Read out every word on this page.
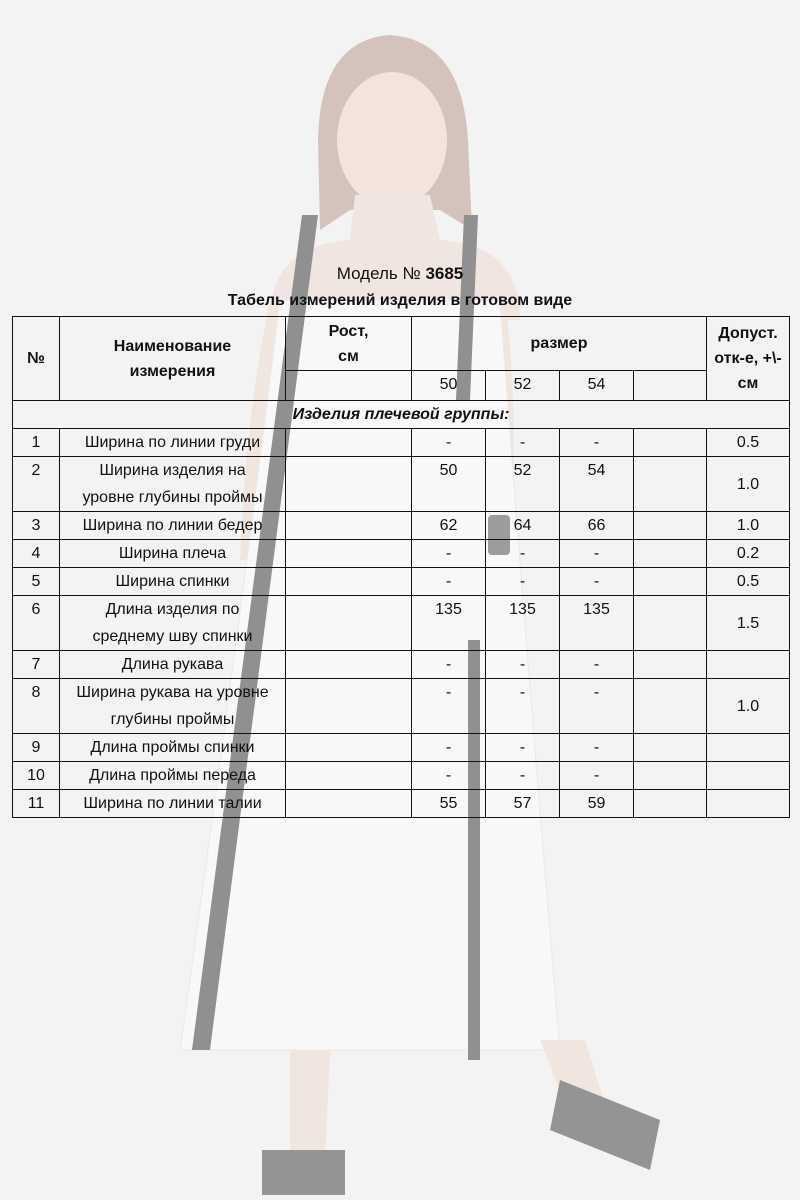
Модель № 3685
Табель измерений изделия в готовом виде
№	Наименование измерения	Рост, см	размер				Допуст. отк-е, +\-см

			50	52	54		
Изделия плечевой группы:							
1	Ширина по линии груди		-	-	-		0.5
2	Ширина изделия на уровне глубины проймы		50	52	54		1.0
3	Ширина по линии бедер		62	64	66		1.0
4	Ширина плеча		-	-	-		0.2
5	Ширина спинки		-	-	-		0.5
6	Длина изделия по среднему шву спинки		135	135	135		1.5
7	Длина рукава		-	-	-		
8	Ширина рукава на уровне глубины проймы		-	-	-		1.0
9	Длина проймы спинки		-	-	-		
10	Длина проймы переда		-	-	-		
11	Ширина по линии талии		55	57	59		
